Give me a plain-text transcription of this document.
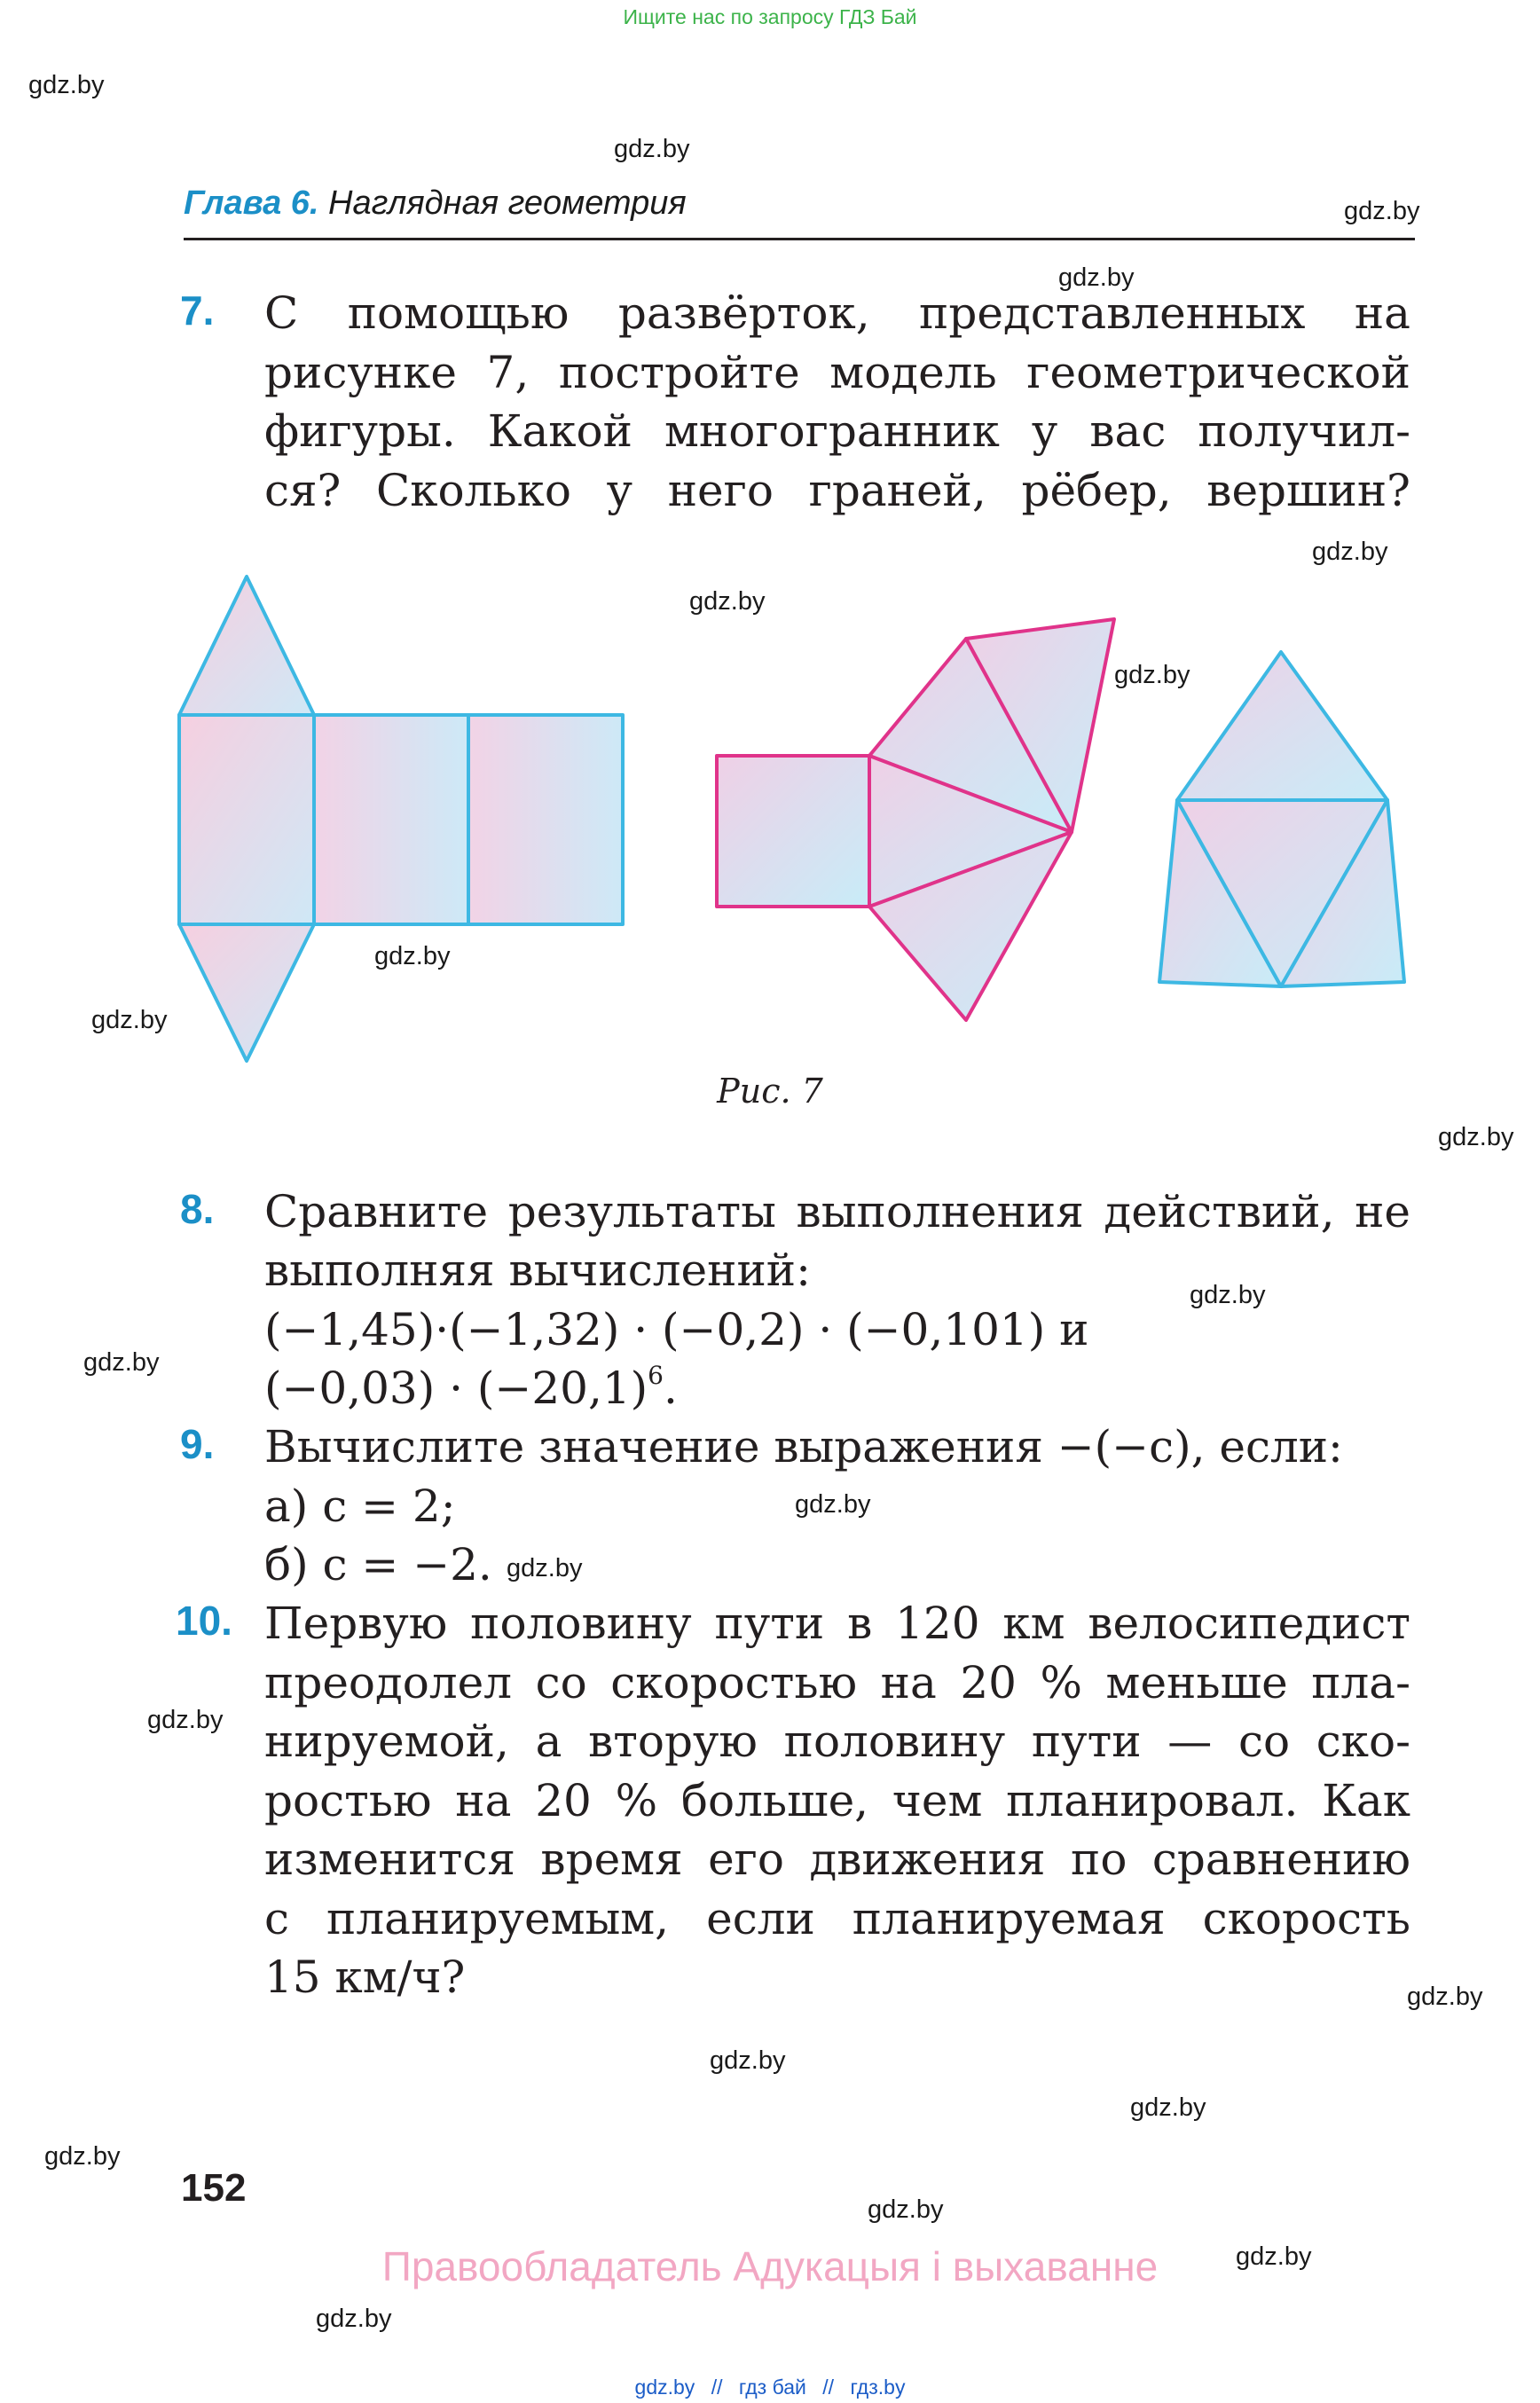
Ищите нас по запросу ГДЗ Бай
gdz.by
gdz.by
gdz.by
gdz.by
gdz.by
gdz.by
gdz.by
gdz.by
gdz.by
gdz.by
gdz.by
gdz.by
gdz.by
gdz.by
gdz.by
gdz.by
gdz.by
gdz.by
gdz.by
gdz.by
gdz.by
gdz.by
Глава 6. Наглядная геометрия
7. С помощью развёрток, представленных на
рисунке 7, постройте модель геометрической
фигуры. Какой многогранник у вас получил-
ся? Сколько у него граней, рёбер, вершин?
Рис. 7
8. Сравните результаты выполнения действий, не
выполняя вычислений:
(−1,45)·(−1,32) · (−0,2) · (−0,101) и
$(-0,03) \cdot (-20,1)^6$.
9. Вычислите значение выражения −(−c), если:
а) c = 2;
б) c = −2.
10. Первую половину пути в 120 км велосипедист
преодолел со скоростью на 20 % меньше пла-
нируемой, а вторую половину пути — со ско-
ростью на 20 % больше, чем планировал. Как
изменится время его движения по сравнению
с планируемым, если планируемая скорость
15 км/ч?
152
Правообладатель Адукацыя і выхаванне
gdz.by // гдз бай // гдз.by
